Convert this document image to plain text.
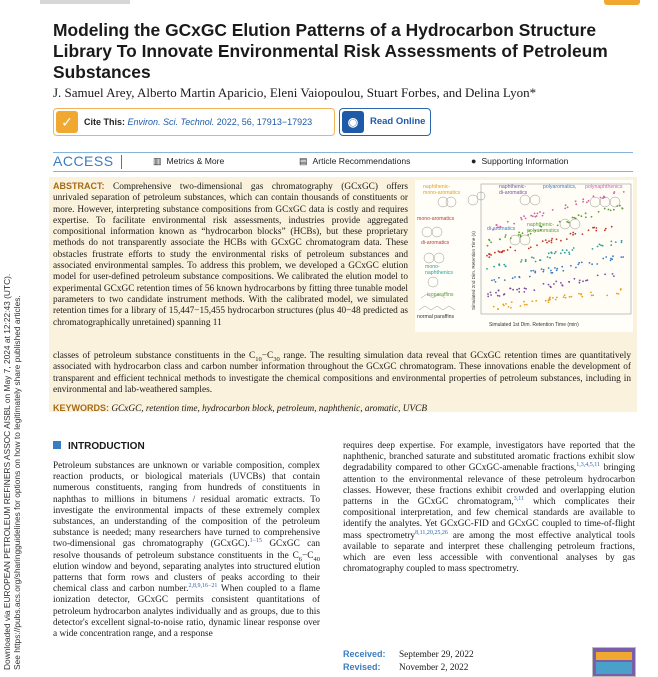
Downloaded via EUROPEAN PETROLEUM REFINERS ASSOC AISBL on May 7, 2024 at 12:22:43 (UTC). See https://pubs.acs.org/sharingguidelines for options on how to legitimately share published articles.
Modeling the GCxGC Elution Patterns of a Hydrocarbon Structure Library To Innovate Environmental Risk Assessments of Petroleum Substances

J. Samuel Arey, Alberto Martin Aparicio, Eleni Vaiopoulou, Stuart Forbes, and Delina Lyon*

✓	Cite This: Environ. Sci. Technol. 2022, 56, 17913−17923	◉	Read Online
ACCESS	▥ Metrics & More	▤ Article Recommendations	● Supporting Information

ABSTRACT: Comprehensive two-dimensional gas chromatography (GCxGC) offers unrivaled separation of petroleum substances, which can contain thousands of constituents or more. However, interpreting substance compositions from GCxGC data is costly and requires expertise. To facilitate environmental risk assessments, industries provide aggregated compositional information known as “hydrocarbon blocks” (HCBs), but these proprietary methods do not transparently associate the HCBs with GCxGC chromatogram data. These obstacles frustrate efforts to study the environmental risks of petroleum substances and associated environmental samples. To address this problem, we developed a GCxGC elution model for user-defined petroleum substance compositions. We calibrated the elution model to experimental GCxGC retention times of 56 known hydrocarbons by fitting three tunable model parameters to two candidate instrument methods. With the calibrated model, we simulated retention times for a library of 15,447−15,455 hydrocarbon structures (plus 40−48 predicted as chromatographically unretained) spanning 11

naphthenic-mono-aromatics
naphthenic-di-aromatics
polyaromatics, polynaphthenics
mono-aromatics
di-aromatics
di-aromatics
naphthenic-polyaromatics
mono-naphthenics
isoparaffins
normal paraffins
Simulated 2nd Dim. Retention Time (s)
Simulated 1st Dim. Retention Time (min)

classes of petroleum substance constituents in the $C_{10}-C_{30}$ range. The resulting simulation data reveal that GCxGC retention times are quantitatively associated with hydrocarbon class and carbon number information throughout the GCxGC chromatogram. These innovations enable the development of transparent and efficient technical methods to investigate the chemical compositions and environmental properties of petroleum substances, including in environmental and lab-weathered samples.

KEYWORDS: GCxGC, retention time, hydrocarbon block, petroleum, naphthenic, aromatic, UVCB

INTRODUCTION

Petroleum substances are unknown or variable composition, complex reaction products, or biological materials (UVCBs) that contain numerous constituents, ranging from hundreds of constituents in naphthas to millions in bitumens / residual aromatic extracts. To investigate the environmental impacts of these extremely complex substances, an understanding of the composition of the petroleum substance is needed; many researchers have turned to comprehensive two-dimensional gas chromatography (GCxGC).$^{1-15}$ GCxGC can resolve thousands of petroleum substance constituents in the $C_6-C_{40}$ elution window and beyond, separating analytes into structured elution patterns that form rows and clusters of peaks according to their chemical class and carbon number.$^{2,8,9,16-21}$ When coupled to a flame ionization detector, GCxGC permits consistent quantitations of petroleum hydrocarbon analytes individually and as groups, due to this detector's excellent signal-to-noise ratio, dynamic linear response over a wide concentration range, and a response

requires deep expertise. For example, investigators have reported that the naphthenic, branched saturate and substituted aromatic fractions exhibit slow degradability compared to other GCxGC-amenable fractions,$^{1,3,4,5,11}$ bringing attention to the environmental relevance of these petroleum hydrocarbon classes. However, these fractions exhibit crowded and overlapping elution patterns in the GCxGC chromatogram,$^{3,11}$ which complicates their compositional interpretation, and few chemical standards are available to identify the analytes. Yet GCxGC-FID and GCxGC coupled to time-of-flight mass spectrometry$^{8,11,20,25,26}$ are among the most effective analytical tools available to separate and interpret these challenging petroleum fractions, which are even less accessible with conventional analyses by gas chromatography coupled to mass spectrometry.

Received: September 29, 2022
Revised: November 2, 2022
